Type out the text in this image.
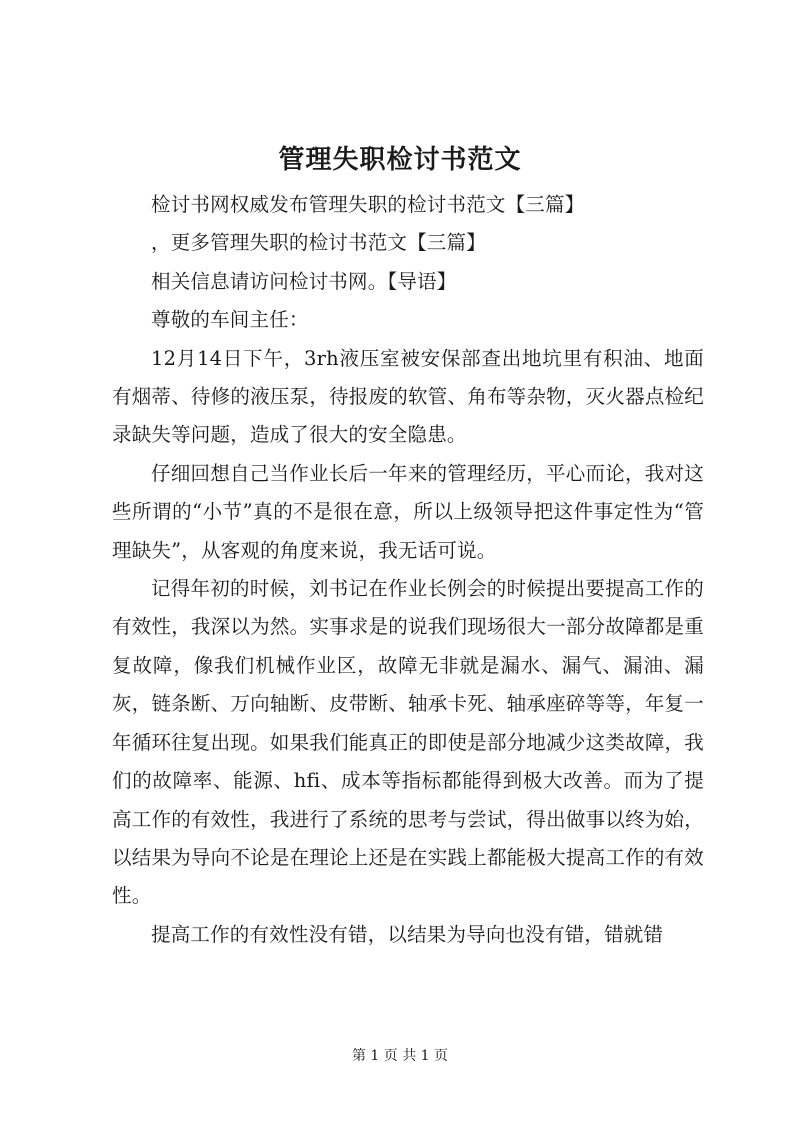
管理失职检讨书范文

检讨书网权威发布管理失职的检讨书范文【三篇】

，更多管理失职的检讨书范文【三篇】

相关信息请访问检讨书网。【导语】

尊敬的车间主任：

12月14日下午，3rh液压室被安保部查出地坑里有积油、地面有烟蒂、待修的液压泵，待报废的软管、角布等杂物，灭火器点检纪录缺失等问题，造成了很大的安全隐患。

仔细回想自己当作业长后一年来的管理经历，平心而论，我对这些所谓的“小节”真的不是很在意，所以上级领导把这件事定性为“管理缺失”，从客观的角度来说，我无话可说。

记得年初的时候，刘书记在作业长例会的时候提出要提高工作的有效性，我深以为然。实事求是的说我们现场很大一部分故障都是重复故障，像我们机械作业区，故障无非就是漏水、漏气、漏油、漏灰，链条断、万向轴断、皮带断、轴承卡死、轴承座碎等等，年复一年循环往复出现。如果我们能真正的即使是部分地减少这类故障，我们的故障率、能源、hfi、成本等指标都能得到极大改善。而为了提高工作的有效性，我进行了系统的思考与尝试，得出做事以终为始，以结果为导向不论是在理论上还是在实践上都能极大提高工作的有效性。

提高工作的有效性没有错，以结果为导向也没有错，错就错

第 1 页 共 1 页
